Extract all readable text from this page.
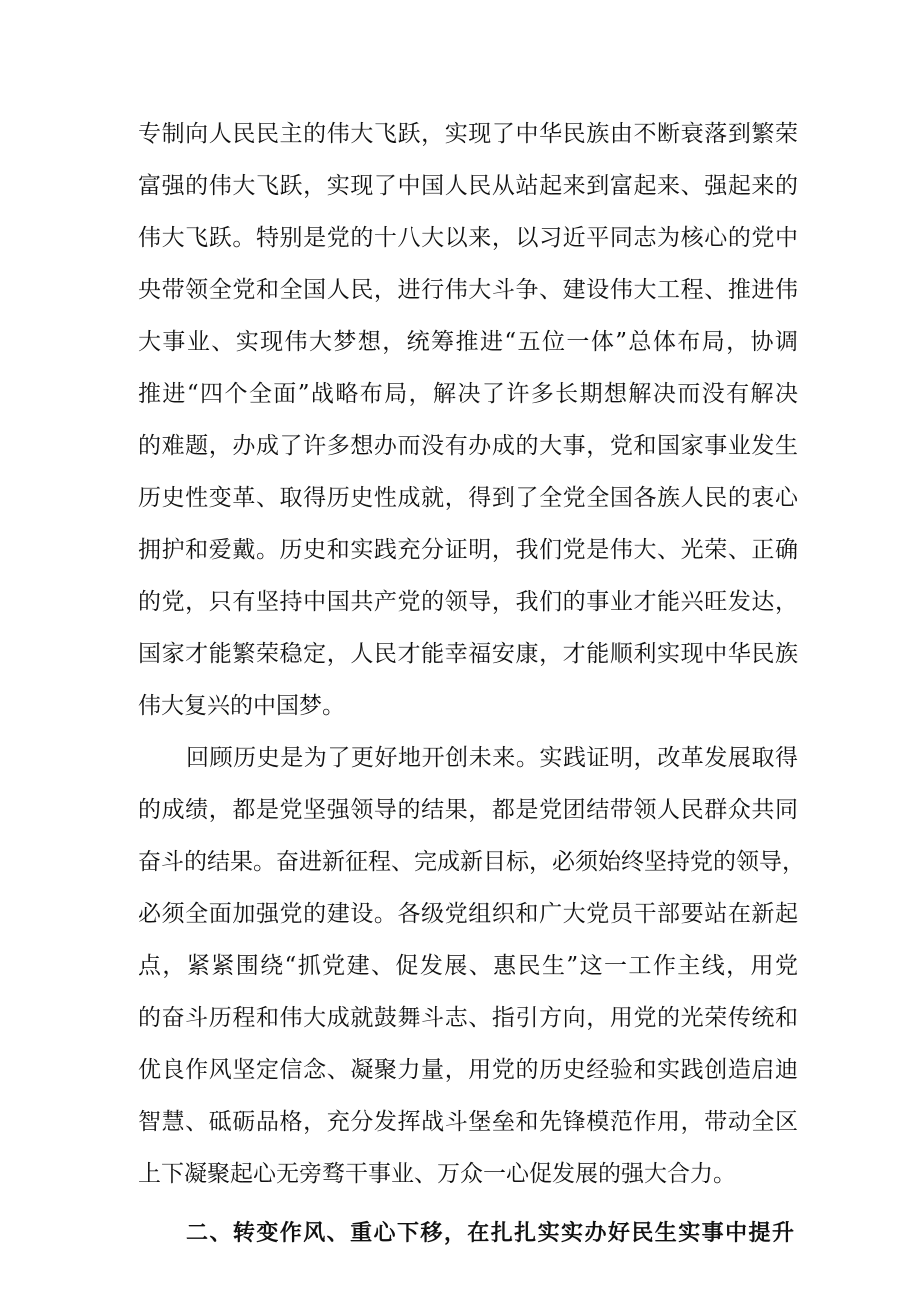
专制向人民民主的伟大飞跃，实现了中华民族由不断衰落到繁荣
富强的伟大飞跃，实现了中国人民从站起来到富起来、强起来的
伟大飞跃。特别是党的十八大以来，以习近平同志为核心的党中
央带领全党和全国人民，进行伟大斗争、建设伟大工程、推进伟
大事业、实现伟大梦想，统筹推进“五位一体”总体布局，协调
推进“四个全面”战略布局，解决了许多长期想解决而没有解决
的难题，办成了许多想办而没有办成的大事，党和国家事业发生
历史性变革、取得历史性成就，得到了全党全国各族人民的衷心
拥护和爱戴。历史和实践充分证明，我们党是伟大、光荣、正确
的党，只有坚持中国共产党的领导，我们的事业才能兴旺发达，
国家才能繁荣稳定，人民才能幸福安康，才能顺利实现中华民族
伟大复兴的中国梦。
回顾历史是为了更好地开创未来。实践证明，改革发展取得
的成绩，都是党坚强领导的结果，都是党团结带领人民群众共同
奋斗的结果。奋进新征程、完成新目标，必须始终坚持党的领导，
必须全面加强党的建设。各级党组织和广大党员干部要站在新起
点，紧紧围绕“抓党建、促发展、惠民生”这一工作主线，用党
的奋斗历程和伟大成就鼓舞斗志、指引方向，用党的光荣传统和
优良作风坚定信念、凝聚力量，用党的历史经验和实践创造启迪
智慧、砥砺品格，充分发挥战斗堡垒和先锋模范作用，带动全区
上下凝聚起心无旁骛干事业、万众一心促发展的强大合力。
二、转变作风、重心下移，在扎扎实实办好民生实事中提升
